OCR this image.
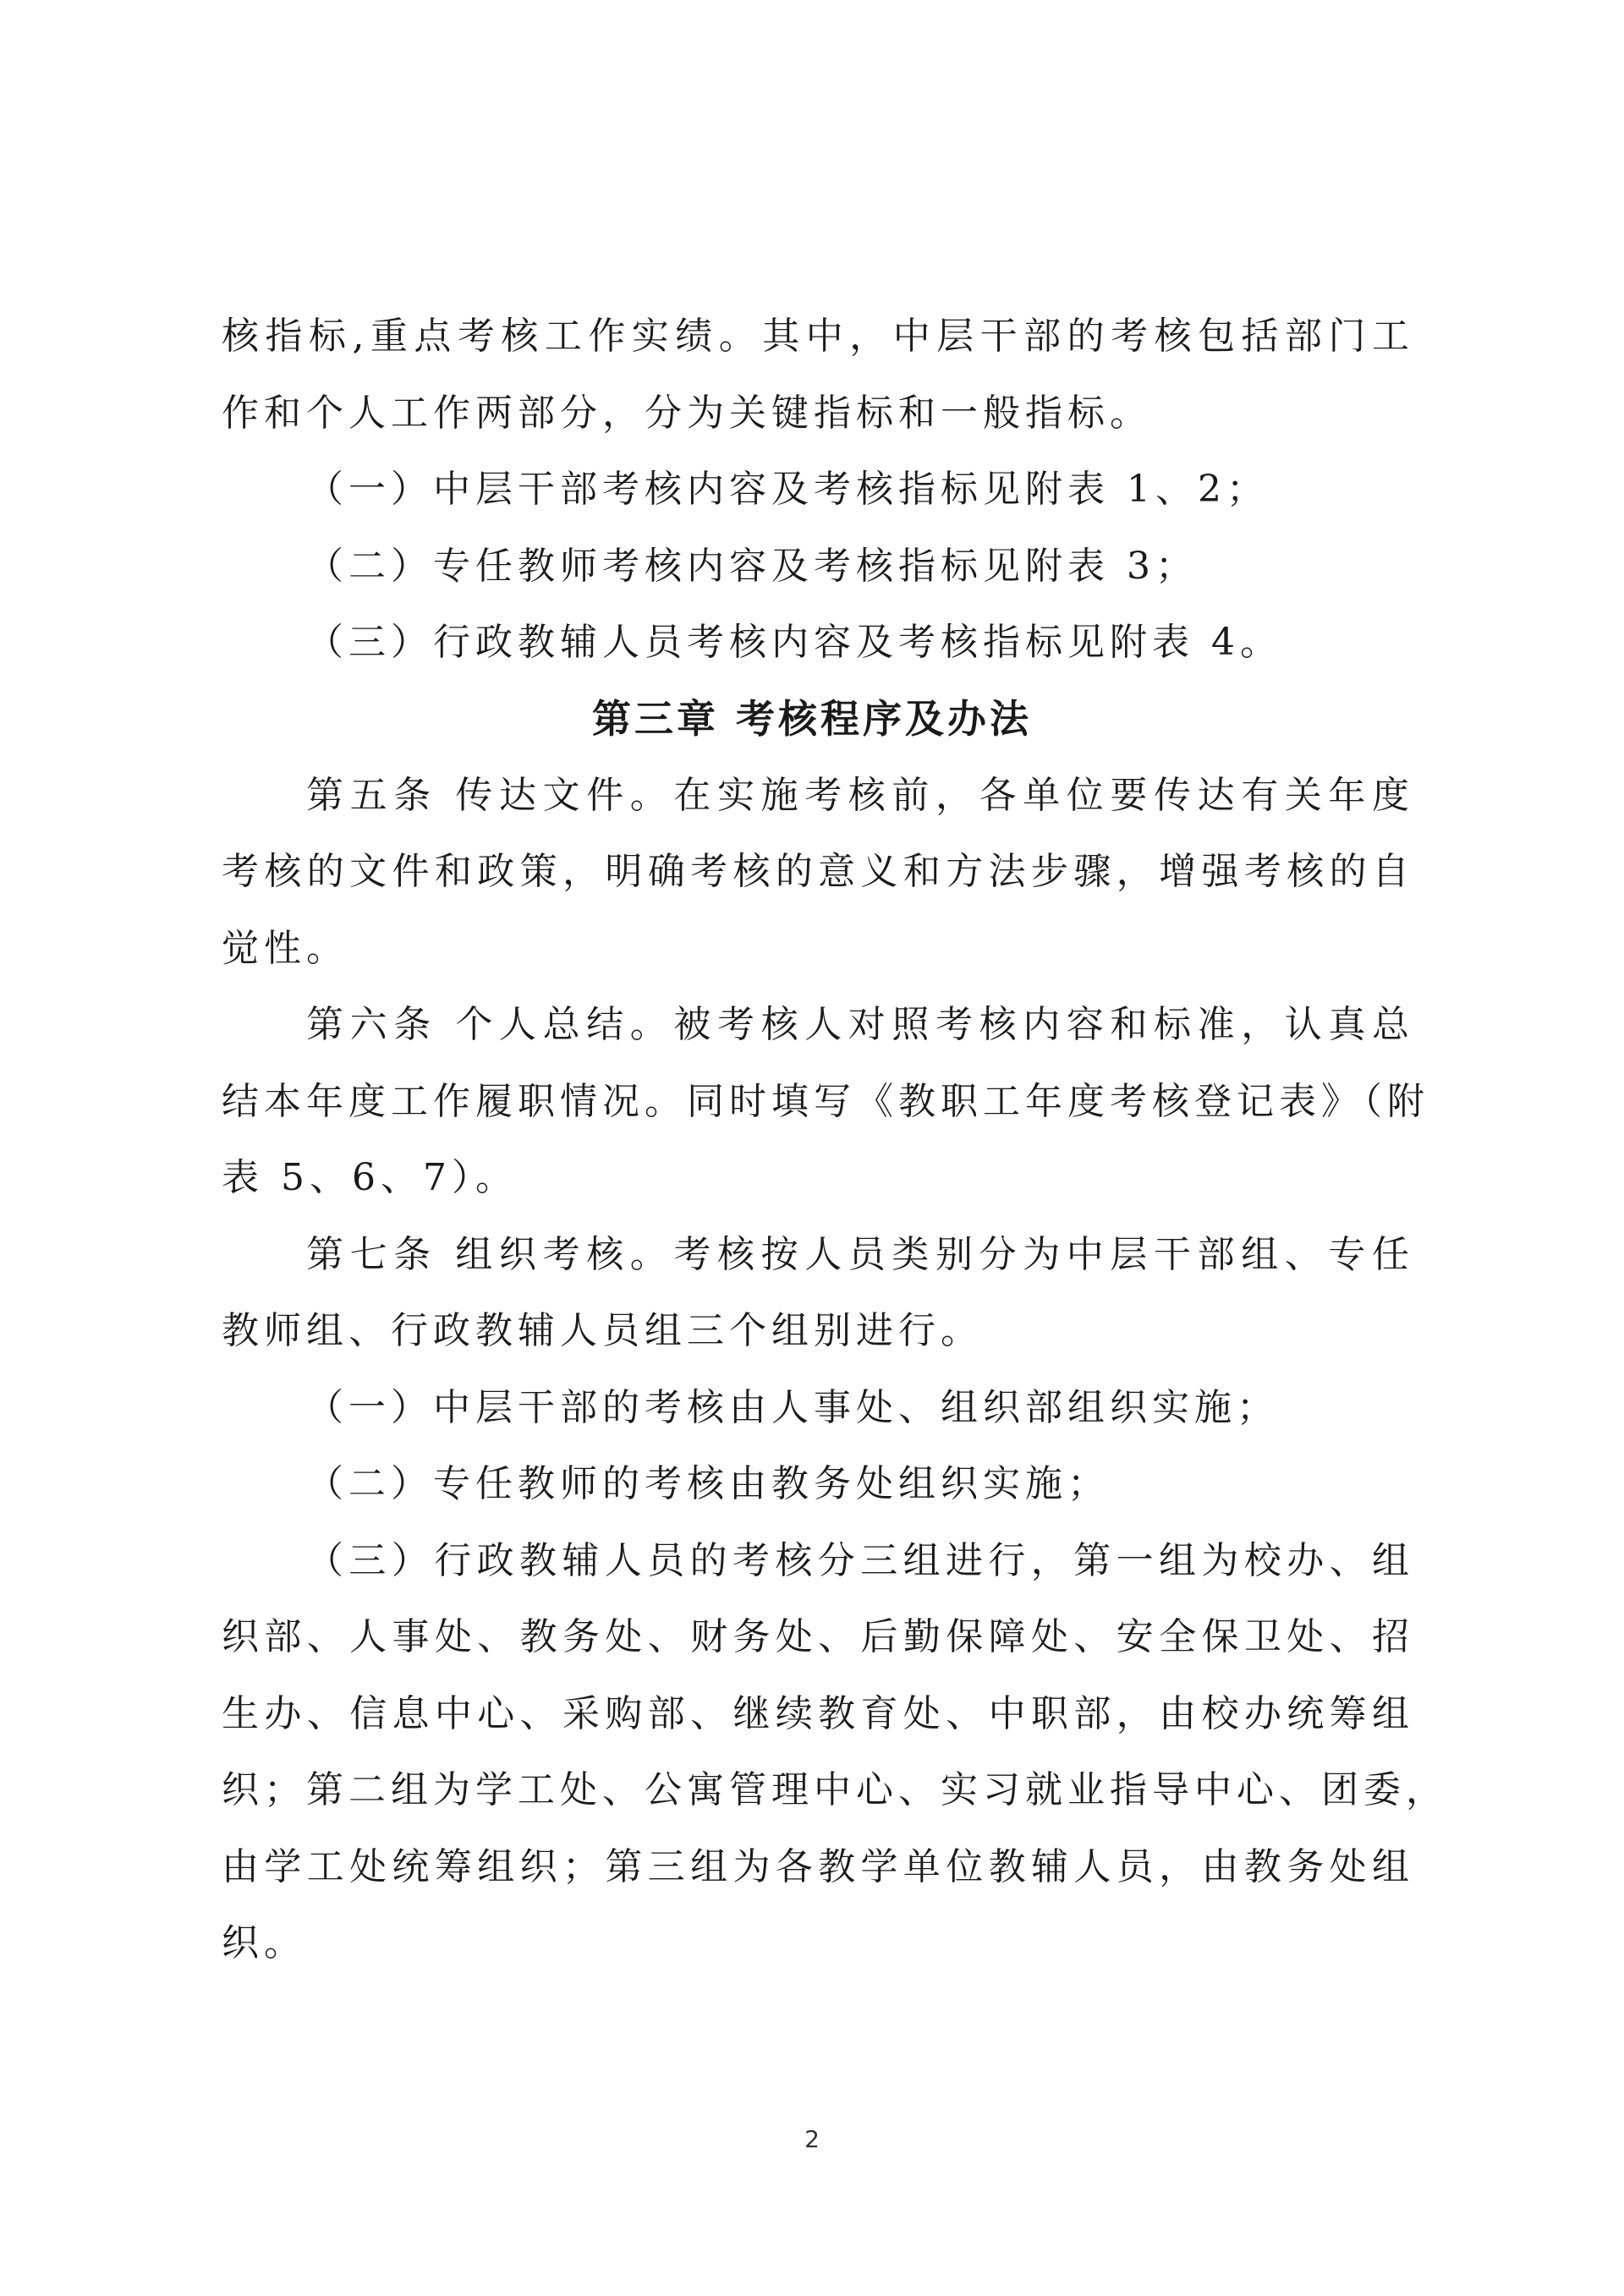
核指标,重点考核工作实绩。其中，中层干部的考核包括部门工
作和个人工作两部分，分为关键指标和一般指标。
（一）中层干部考核内容及考核指标见附表 1、2；
（二）专任教师考核内容及考核指标见附表 3；
（三）行政教辅人员考核内容及考核指标见附表 4。
第三章 考核程序及办法
第五条 传达文件。在实施考核前，各单位要传达有关年度
考核的文件和政策，明确考核的意义和方法步骤，增强考核的自
觉性。
第六条 个人总结。被考核人对照考核内容和标准，认真总
结本年度工作履职情况。同时填写《教职工年度考核登记表》（附
表 5、6、7）。
第七条 组织考核。考核按人员类别分为中层干部组、专任
教师组、行政教辅人员组三个组别进行。
（一）中层干部的考核由人事处、组织部组织实施；
（二）专任教师的考核由教务处组织实施；
（三）行政教辅人员的考核分三组进行，第一组为校办、组
织部、人事处、教务处、财务处、后勤保障处、安全保卫处、招
生办、信息中心、采购部、继续教育处、中职部，由校办统筹组
织；第二组为学工处、公寓管理中心、实习就业指导中心、团委，
由学工处统筹组织；第三组为各教学单位教辅人员，由教务处组
织。
2
